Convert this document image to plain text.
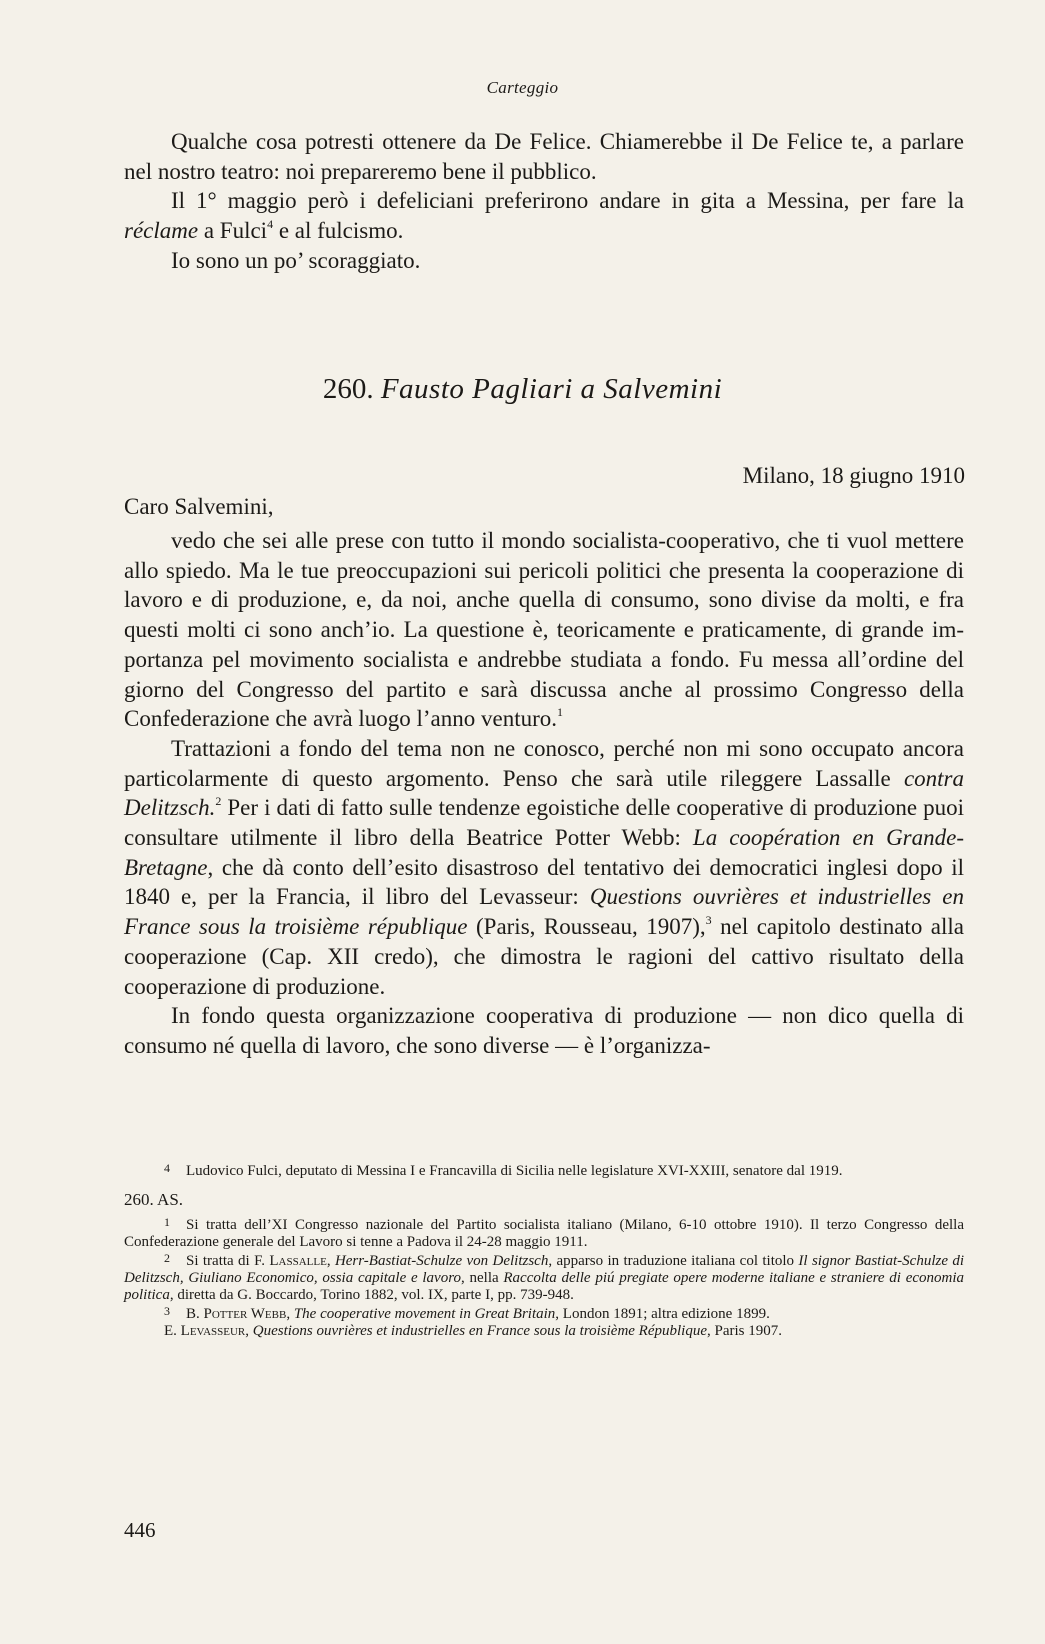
Carteggio

Qualche cosa potresti ottenere da De Felice. Chiamerebbe il De Felice te, a parlare nel nostro teatro: noi prepareremo bene il pubblico.

Il 1° maggio però i defeliciani preferirono andare in gita a Messina, per fare la réclame a Fulci$^4$ e al fulcismo.

Io sono un po’ scoraggiato.

260. Fausto Pagliari a Salvemini
Milano, 18 giugno 1910
Caro Salvemini,

vedo che sei alle prese con tutto il mondo socialista-cooperativo, che ti vuol mettere allo spiedo. Ma le tue preoccupazioni sui pericoli politici che presenta la cooperazione di lavoro e di produzione, e, da noi, anche quella di consumo, sono divise da molti, e fra questi molti ci sono anch’io. La questione è, teoricamente e praticamente, di grande importanza pel movimento socialista e andrebbe studiata a fondo. Fu messa all’ordine del giorno del Congresso del partito e sarà discussa anche al prossimo Congresso della Confederazione che avrà luogo l’anno venturo.$^1$

Trattazioni a fondo del tema non ne conosco, perché non mi sono occupato ancora particolarmente di questo argomento. Penso che sarà utile rileggere Lassalle contra Delitzsch.$^2$ Per i dati di fatto sulle tendenze egoistiche delle cooperative di produzione puoi consultare utilmente il libro della Beatrice Potter Webb: La coopération en Grande-Bretagne, che dà conto dell’esito disastroso del tentativo dei democratici inglesi dopo il 1840 e, per la Francia, il libro del Levasseur: Questions ouvrières et industrielles en France sous la troisième république (Paris, Rousseau, 1907),$^3$ nel capitolo destinato alla cooperazione (Cap. XII credo), che dimostra le ragioni del cattivo risultato della cooperazione di produzione.

In fondo questa organizzazione cooperativa di produzione — non dico quella di consumo né quella di lavoro, che sono diverse — è l’organizza-

4 Ludovico Fulci, deputato di Messina I e Francavilla di Sicilia nelle legislature XVI-XXIII, senatore dal 1919.

260. AS.

1 Si tratta dell’XI Congresso nazionale del Partito socialista italiano (Milano, 6-10 ottobre 1910). Il terzo Congresso della Confederazione generale del Lavoro si tenne a Padova il 24-28 maggio 1911.

2 Si tratta di F. Lassalle, Herr-Bastiat-Schulze von Delitzsch, apparso in traduzione italiana col titolo Il signor Bastiat-Schulze di Delitzsch, Giuliano Economico, ossia capitale e lavoro, nella Raccolta delle piú pregiate opere moderne italiane e straniere di economia politica, diretta da G. Boccardo, Torino 1882, vol. IX, parte I, pp. 739-948.

3 B. Potter Webb, The cooperative movement in Great Britain, London 1891; altra edizione 1899.

E. Levasseur, Questions ouvrières et industrielles en France sous la troisième République, Paris 1907.

446
